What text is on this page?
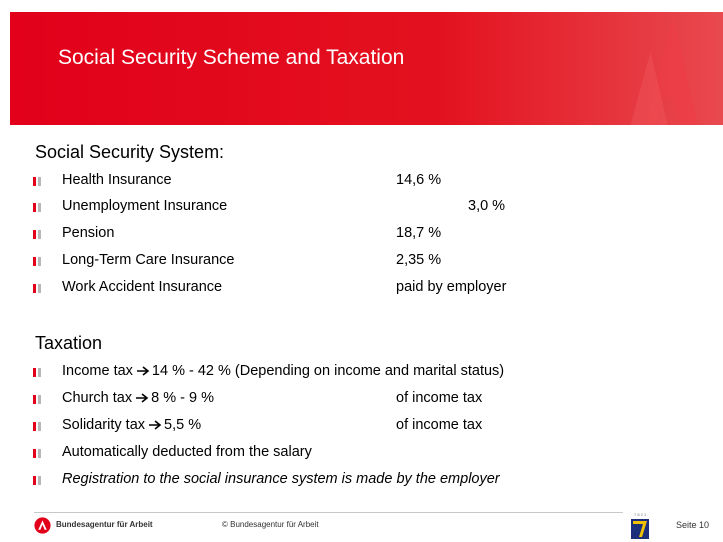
Social Security Scheme and Taxation
Social Security System:
Health Insurance	14,6 %
Unemployment Insurance	3,0 %
Pension	18,7 %
Long-Term Care Insurance	2,35 %
Work Accident Insurance	paid by employer
Taxation
Income tax 14 % - 42 % (Depending on income and marital status)
Church tax 8 % - 9 %	of income tax
Solidarity tax 5,5 %	of income tax
Automatically deducted from the salary
Registration to the social insurance system is made by the employer
Bundesagentur für Arbeit	© Bundesagentur für Arbeit
7 8 2 1
Seite 10
